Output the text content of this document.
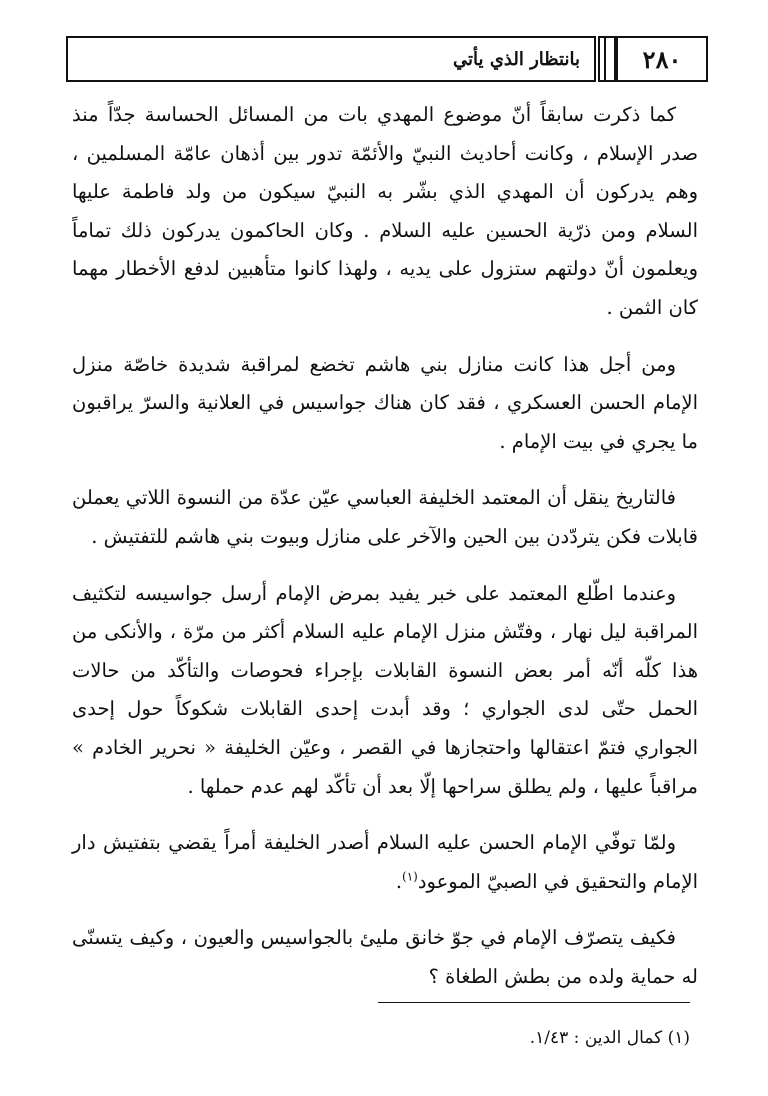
٢٨٠
بانتظار الذي يأتي

كما ذكرت سابقاً أنّ موضوع المهدي بات من المسائل الحساسة جدّاً منذ صدر الإسلام ، وكانت أحاديث النبيّ والأئمّة تدور بين أذهان عامّة المسلمين ، وهم يدركون أن المهدي الذي بشّر به النبيّ سيكون من ولد فاطمة عليها السلام ومن ذرّية الحسين عليه السلام . وكان الحاكمون يدركون ذلك تماماً ويعلمون أنّ دولتهم ستزول على يديه ، ولهذا كانوا متأهبين لدفع الأخطار مهما كان الثمن .

ومن أجل هذا كانت منازل بني هاشم تخضع لمراقبة شديدة خاصّة منزل الإمام الحسن العسكري ، فقد كان هناك جواسيس في العلانية والسرّ يراقبون ما يجري في بيت الإمام .

فالتاريخ ينقل أن المعتمد الخليفة العباسي عيّن عدّة من النسوة اللاتي يعملن قابلات فكن يتردّدن بين الحين والآخر على منازل وبيوت بني هاشم للتفتيش .

وعندما اطّلع المعتمد على خبر يفيد بمرض الإمام أرسل جواسيسه لتكثيف المراقبة ليل نهار ، وفتّش منزل الإمام عليه السلام أكثر من مرّة ، والأنكى من هذا كلّه أنّه أمر بعض النسوة القابلات بإجراء فحوصات والتأكّد من حالات الحمل حتّى لدى الجواري ؛ وقد أبدت إحدى القابلات شكوكاً حول إحدى الجواري فتمّ اعتقالها واحتجازها في القصر ، وعيّن الخليفة « نحرير الخادم » مراقباً عليها ، ولم يطلق سراحها إلّا بعد أن تأكّد لهم عدم حملها .

ولمّا توفّي الإمام الحسن عليه السلام أصدر الخليفة أمراً يقضي بتفتيش دار الإمام والتحقيق في الصبيّ الموعود$^{(١)}$.

فكيف يتصرّف الإمام في جوّ خانق مليئ بالجواسيس والعيون ، وكيف يتسنّى له حماية ولده من بطش الطغاة ؟

(١) كمال الدين : ١/٤٣.
